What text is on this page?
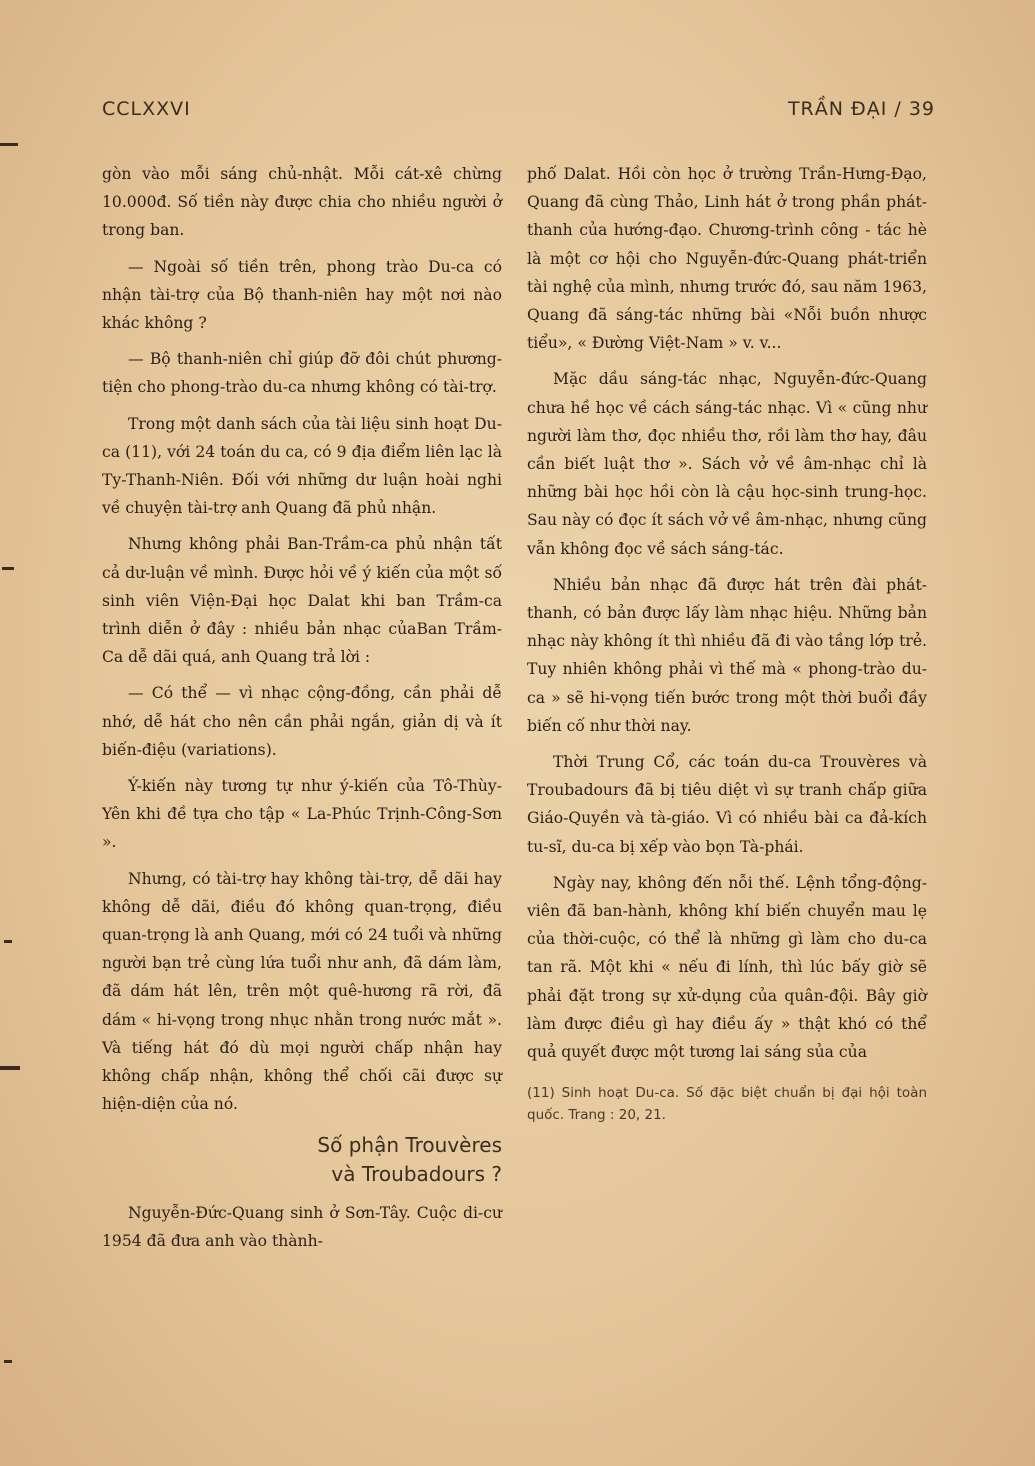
CCLXXVI	TRẦN ĐẠI / 39

gòn vào mỗi sáng chủ-nhật. Mỗi cát-xê chừng 10.000đ. Số tiền này được chia cho nhiều người ở trong ban.

— Ngoài số tiền trên, phong trào Du-ca có nhận tài-trợ của Bộ thanh-niên hay một nơi nào khác không ?

— Bộ thanh-niên chỉ giúp đỡ đôi chút phương-tiện cho phong-trào du-ca nhưng không có tài-trợ.

Trong một danh sách của tài liệu sinh hoạt Du-ca (11), với 24 toán du ca, có 9 địa điểm liên lạc là Ty-Thanh-Niên. Đối với những dư luận hoài nghi về chuyện tài-trợ anh Quang đã phủ nhận.

Nhưng không phải Ban-Trầm-ca phủ nhận tất cả dư-luận về mình. Được hỏi về ý kiến của một số sinh viên Viện-Đại học Dalat khi ban Trầm-ca trình diễn ở đây : nhiều bản nhạc củaBan Trầm-Ca dễ dãi quá, anh Quang trả lời :

— Có thể — vì nhạc cộng-đồng, cần phải dễ nhớ, dễ hát cho nên cần phải ngắn, giản dị và ít biến-điệu (variations).

Ý-kiến này tương tự như ý-kiến của Tô-Thùy-Yên khi đề tựa cho tập « La-Phúc Trịnh-Công-Sơn ».

Nhưng, có tài-trợ hay không tài-trợ, dễ dãi hay không dễ dãi, điều đó không quan-trọng, điều quan-trọng là anh Quang, mới có 24 tuổi và những người bạn trẻ cùng lứa tuổi như anh, đã dám làm, đã dám hát lên, trên một quê-hương rã rời, đã dám « hi-vọng trong nhục nhằn trong nước mắt ». Và tiếng hát đó dù mọi người chấp nhận hay không chấp nhận, không thể chối cãi được sự hiện-diện của nó.

Số phận Trouvères
và Troubadours ?

Nguyễn-Đức-Quang sinh ở Sơn-Tây. Cuộc di-cư 1954 đã đưa anh vào thành-

phố Dalat. Hồi còn học ở trường Trần-Hưng-Đạo, Quang đã cùng Thảo, Linh hát ở trong phần phát-thanh của hướng-đạo. Chương-trình công - tác hè là một cơ hội cho Nguyễn-đức-Quang phát-triển tài nghệ của mình, nhưng trước đó, sau năm 1963, Quang đã sáng-tác những bài «Nỗi buồn nhược tiểu», « Đường Việt-Nam » v. v...

Mặc dầu sáng-tác nhạc, Nguyễn-đức-Quang chưa hề học về cách sáng-tác nhạc. Vì « cũng như người làm thơ, đọc nhiều thơ, rồi làm thơ hay, đâu cần biết luật thơ ». Sách vở về âm-nhạc chỉ là những bài học hồi còn là cậu học-sinh trung-học. Sau này có đọc ít sách vở về âm-nhạc, nhưng cũng vẫn không đọc về sách sáng-tác.

Nhiều bản nhạc đã được hát trên đài phát-thanh, có bản được lấy làm nhạc hiệu. Những bản nhạc này không ít thì nhiều đã đi vào tầng lớp trẻ. Tuy nhiên không phải vì thế mà « phong-trào du-ca » sẽ hi-vọng tiến bước trong một thời buổi đầy biến cố như thời nay.

Thời Trung Cổ, các toán du-ca Trouvères và Troubadours đã bị tiêu diệt vì sự tranh chấp giữa Giáo-Quyền và tà-giáo. Vì có nhiều bài ca đả-kích tu-sĩ, du-ca bị xếp vào bọn Tà-phái.

Ngày nay, không đến nỗi thế. Lệnh tổng-động-viên đã ban-hành, không khí biến chuyển mau lẹ của thời-cuộc, có thể là những gì làm cho du-ca tan rã. Một khi « nếu đi lính, thì lúc bấy giờ sẽ phải đặt trong sự xử-dụng của quân-đội. Bây giờ làm được điều gì hay điều ấy » thật khó có thể quả quyết được một tương lai sáng sủa của

(11) Sinh hoạt Du-ca. Số đặc biệt chuẩn bị đại hội toàn quốc. Trang : 20, 21.
